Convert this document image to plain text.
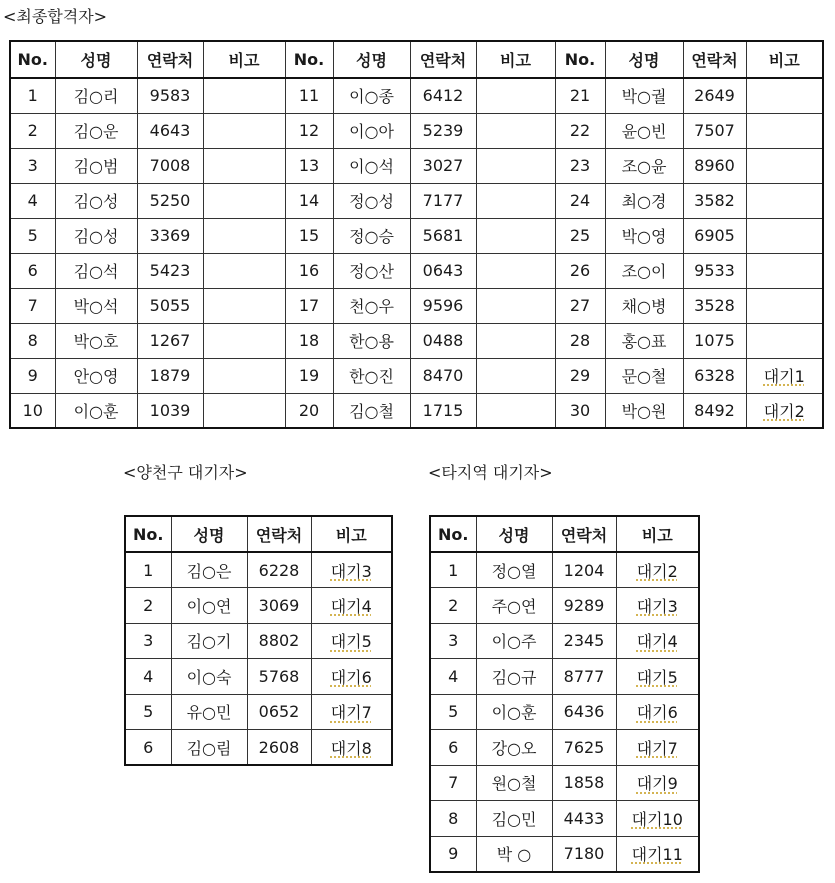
<최종합격자>
No.	성명	연락처	비고	No.	성명	연락처	비고	No.	성명	연락처	비고
1	김○리	9583		11	이○종	6412		21	박○궐	2649	
2	김○운	4643		12	이○아	5239		22	윤○빈	7507	
3	김○범	7008		13	이○석	3027		23	조○윤	8960	
4	김○성	5250		14	정○성	7177		24	최○경	3582	
5	김○성	3369		15	정○승	5681		25	박○영	6905	
6	김○석	5423		16	정○산	0643		26	조○이	9533	
7	박○석	5055		17	천○우	9596		27	채○병	3528	
8	박○호	1267		18	한○용	0488		28	홍○표	1075	
9	안○영	1879		19	한○진	8470		29	문○철	6328	대기1
10	이○훈	1039		20	김○철	1715		30	박○원	8492	대기2
<양천구 대기자>
No.	성명	연락처	비고
1	김○은	6228	대기3
2	이○연	3069	대기4
3	김○기	8802	대기5
4	이○숙	5768	대기6
5	유○민	0652	대기7
6	김○림	2608	대기8
<타지역 대기자>
No.	성명	연락처	비고
1	정○열	1204	대기2
2	주○연	9289	대기3
3	이○주	2345	대기4
4	김○규	8777	대기5
5	이○훈	6436	대기6
6	강○오	7625	대기7
7	원○철	1858	대기9
8	김○민	4433	대기10
9	박 ○	7180	대기11
